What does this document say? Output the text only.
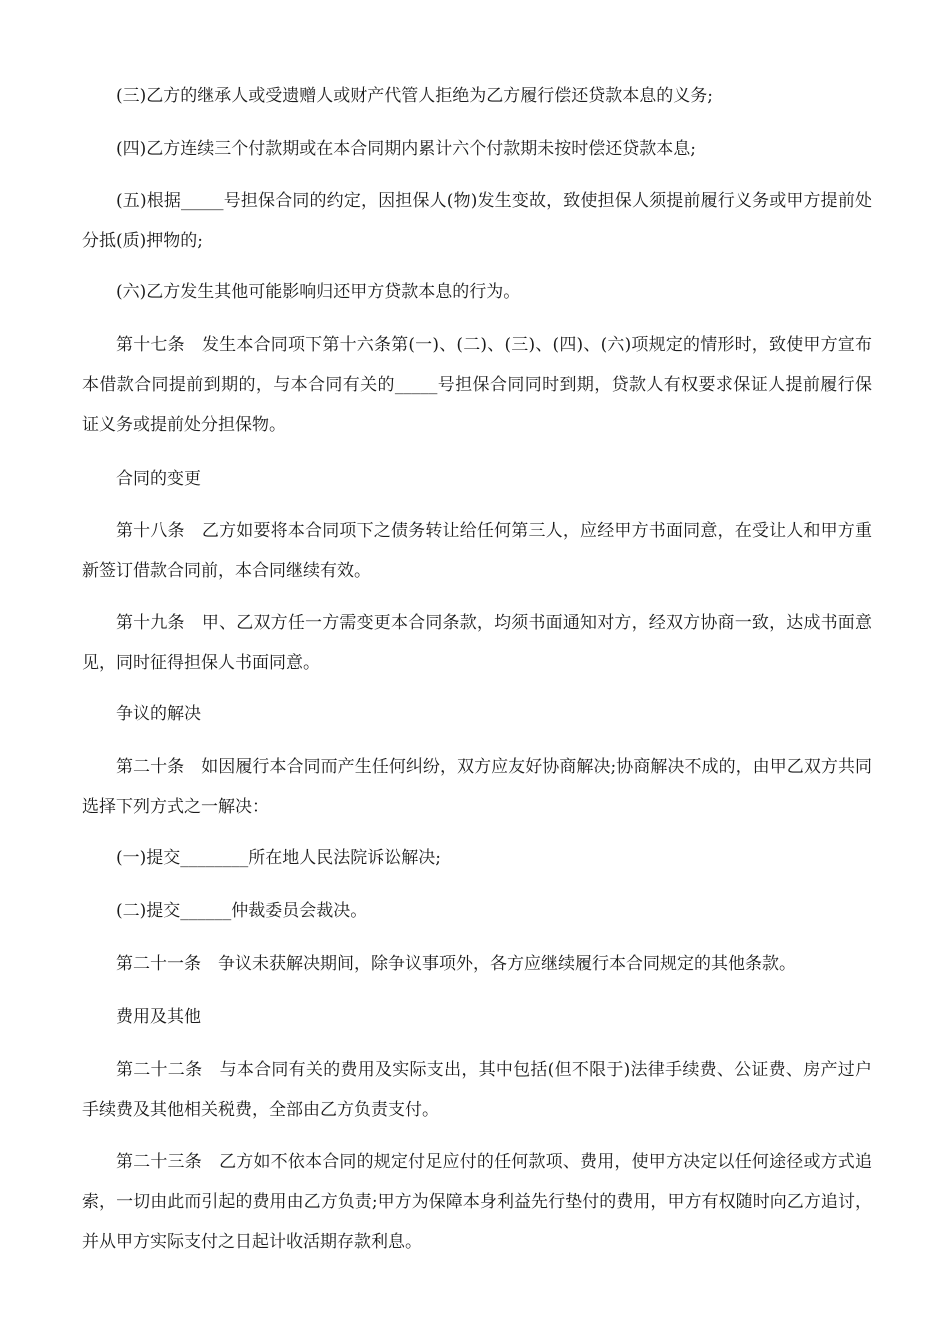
(三)乙方的继承人或受遗赠人或财产代管人拒绝为乙方履行偿还贷款本息的义务;

(四)乙方连续三个付款期或在本合同期内累计六个付款期未按时偿还贷款本息;

(五)根据_____号担保合同的约定，因担保人(物)发生变故，致使担保人须提前履行义务或甲方提前处分抵(质)押物的;

(六)乙方发生其他可能影响归还甲方贷款本息的行为。

第十七条　发生本合同项下第十六条第(一)、(二)、(三)、(四)、(六)项规定的情形时，致使甲方宣布本借款合同提前到期的，与本合同有关的_____号担保合同同时到期，贷款人有权要求保证人提前履行保证义务或提前处分担保物。

合同的变更

第十八条　乙方如要将本合同项下之债务转让给任何第三人，应经甲方书面同意，在受让人和甲方重新签订借款合同前，本合同继续有效。

第十九条　甲、乙双方任一方需变更本合同条款，均须书面通知对方，经双方协商一致，达成书面意见，同时征得担保人书面同意。

争议的解决

第二十条　如因履行本合同而产生任何纠纷，双方应友好协商解决;协商解决不成的，由甲乙双方共同选择下列方式之一解决：

(一)提交________所在地人民法院诉讼解决;

(二)提交______仲裁委员会裁决。

第二十一条　争议未获解决期间，除争议事项外，各方应继续履行本合同规定的其他条款。

费用及其他

第二十二条　与本合同有关的费用及实际支出，其中包括(但不限于)法律手续费、公证费、房产过户手续费及其他相关税费，全部由乙方负责支付。

第二十三条　乙方如不依本合同的规定付足应付的任何款项、费用，使甲方决定以任何途径或方式追索，一切由此而引起的费用由乙方负责;甲方为保障本身利益先行垫付的费用，甲方有权随时向乙方追讨，并从甲方实际支付之日起计收活期存款利息。
